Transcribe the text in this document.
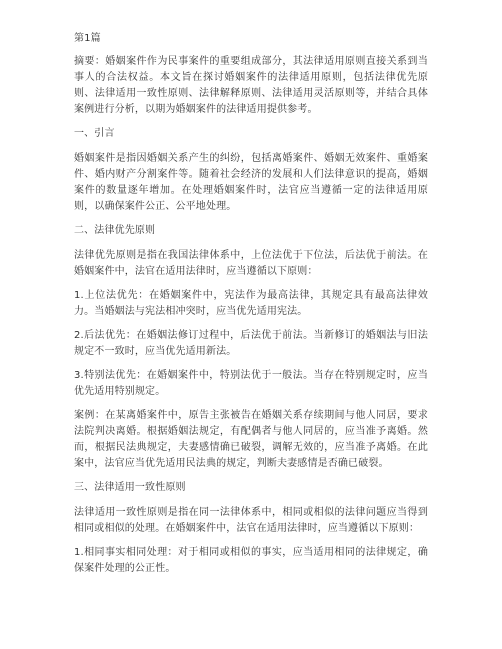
第1篇

摘要：婚姻案件作为民事案件的重要组成部分，其法律适用原则直接关系到当事人的合法权益。本文旨在探讨婚姻案件的法律适用原则，包括法律优先原则、法律适用一致性原则、法律解释原则、法律适用灵活原则等，并结合具体案例进行分析，以期为婚姻案件的法律适用提供参考。

一、引言

婚姻案件是指因婚姻关系产生的纠纷，包括离婚案件、婚姻无效案件、重婚案件、婚内财产分割案件等。随着社会经济的发展和人们法律意识的提高，婚姻案件的数量逐年增加。在处理婚姻案件时，法官应当遵循一定的法律适用原则，以确保案件公正、公平地处理。

二、法律优先原则

法律优先原则是指在我国法律体系中，上位法优于下位法，后法优于前法。在婚姻案件中，法官在适用法律时，应当遵循以下原则：

1.上位法优先：在婚姻案件中，宪法作为最高法律，其规定具有最高法律效力。当婚姻法与宪法相冲突时，应当优先适用宪法。

2.后法优先：在婚姻法修订过程中，后法优于前法。当新修订的婚姻法与旧法规定不一致时，应当优先适用新法。

3.特别法优先：在婚姻案件中，特别法优于一般法。当存在特别规定时，应当优先适用特别规定。

案例：在某离婚案件中，原告主张被告在婚姻关系存续期间与他人同居，要求法院判决离婚。根据婚姻法规定，有配偶者与他人同居的，应当准予离婚。然而，根据民法典规定，夫妻感情确已破裂，调解无效的，应当准予离婚。在此案中，法官应当优先适用民法典的规定，判断夫妻感情是否确已破裂。

三、法律适用一致性原则

法律适用一致性原则是指在同一法律体系中，相同或相似的法律问题应当得到相同或相似的处理。在婚姻案件中，法官在适用法律时，应当遵循以下原则：

1.相同事实相同处理：对于相同或相似的事实，应当适用相同的法律规定，确保案件处理的公正性。
